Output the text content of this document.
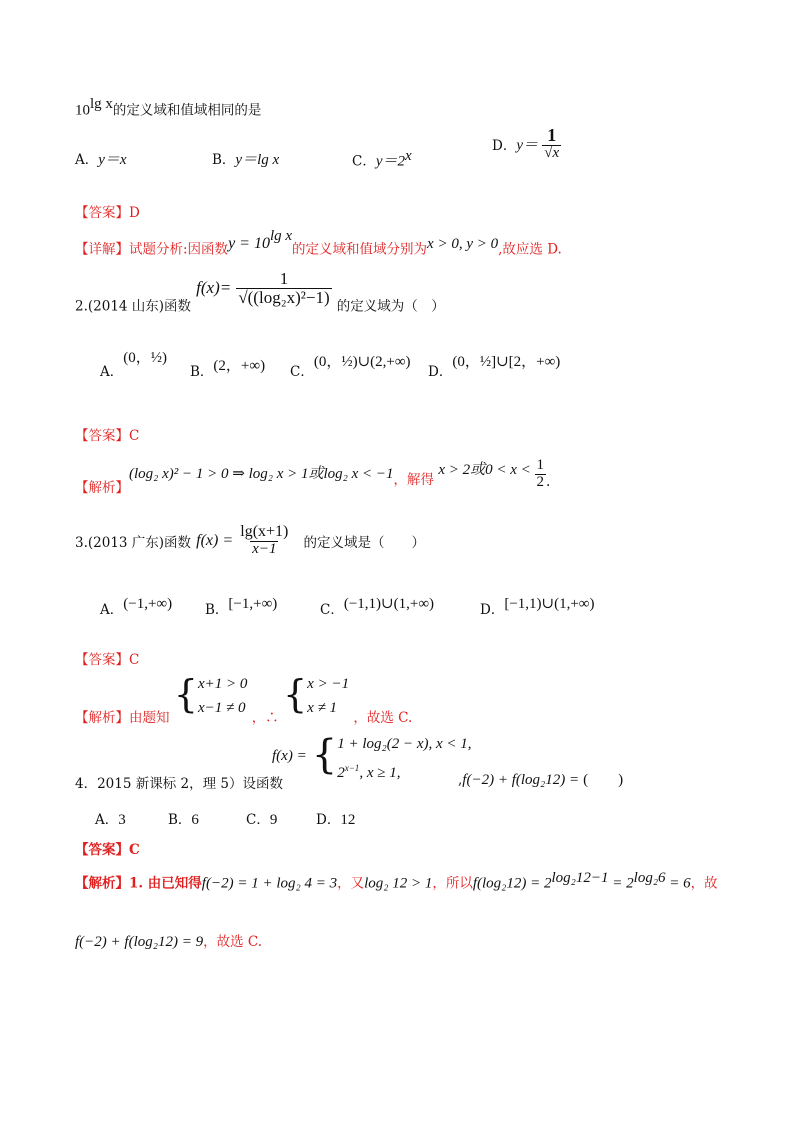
$10^{lg x}$的定义域和值域相同的是
A．y＝x	B．y＝lg x	C．$y=2^x$
D．$y= \frac{1}{√x}$
【答案】D
【详解】试题分析:因函数$y = 10^{lg x}$的定义域和值域分别为x > 0, y > 0,故应选 D.
2.(2014 山东)函数 $f(x)= \frac{1}{\text{√((log₂x)²−1)}}$ 的定义域为（　）
A．(0，½)
B．(2，+∞) C．(0，½)∪(2,+∞)
D．(0，½]∪[2，+∞)
【答案】C
【解析】(log₂ x)² − 1 > 0 ⇒ log₂ x > 1或log₂ x < −1，解得 x > 2或$0 < x < \frac{1}{2}$ .
3.(2013 广东)函数 $f(x) = \frac{\lg(x+1)}{x-1}$ 的定义域是（　　）
A．(−1,+∞) B．[−1,+∞)	C．(−1,1)∪(1,+∞)	D．[−1,1)∪(1,+∞)
【答案】C
【解析】由题知 {x+1 > 0
x−1 ≠ 0 ，∴ {x > −1
x ≠ 1 ，故选 C.
f(x) = {1 + log₂(2 − x), x < 1,
$2^{x-1}$, x ≥ 1,
4．2015 新课标 2，理 5）设函数	,f(−2) + f(log₂12) = (　　)
A．3	B．6	C．9	D．12
【答案】C
【解析】1. 由已知得f(−2) = 1 + log₂ 4 = 3，又log₂ 12 > 1，所以$f(\log_212) = 2^{log_212-1} = 2^{log_26} = 6$，故
f(−2) + f(log₂12) = 9，故选 C.
